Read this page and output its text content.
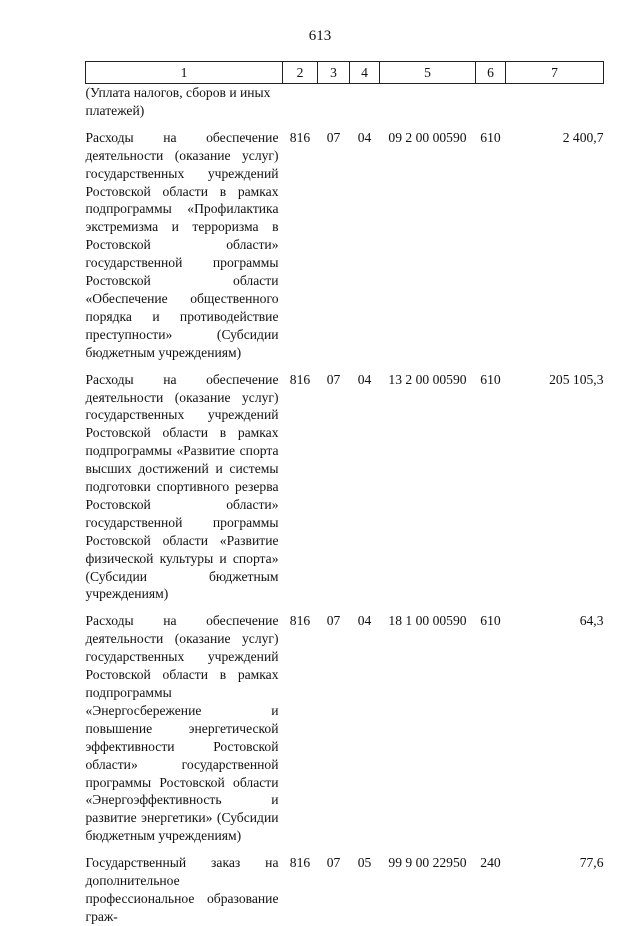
613
1	2	3	4	5	6	7
(Уплата налогов, сборов и иных платежей)						
Расходы на обеспечение деятельности (оказание услуг) государственных учреждений Ростовской области в рамках подпрограммы «Профилактика экстремизма и терроризма в Ростовской области» государственной программы Ростовской области «Обеспечение общественного порядка и противодействие преступности» (Субсидии бюджетным учреждениям)	816	07	04	09 2 00 00590	610	2 400,7
Расходы на обеспечение деятельности (оказание услуг) государственных учреждений Ростовской области в рамках подпрограммы «Развитие спорта высших достижений и системы подготовки спортивного резерва Ростовской области» государственной программы Ростовской области «Развитие физической культуры и спорта» (Субсидии бюджетным учреждениям)	816	07	04	13 2 00 00590	610	205 105,3
Расходы на обеспечение деятельности (оказание услуг) государственных учреждений Ростовской области в рамках подпрограммы «Энергосбережение и повышение энергетической эффективности Ростовской области» государственной программы Ростовской области «Энергоэффективность и развитие энергетики» (Субсидии бюджетным учреждениям)	816	07	04	18 1 00 00590	610	64,3
Государственный заказ на дополнительное профессиональное образование граж-	816	07	05	99 9 00 22950	240	77,6
